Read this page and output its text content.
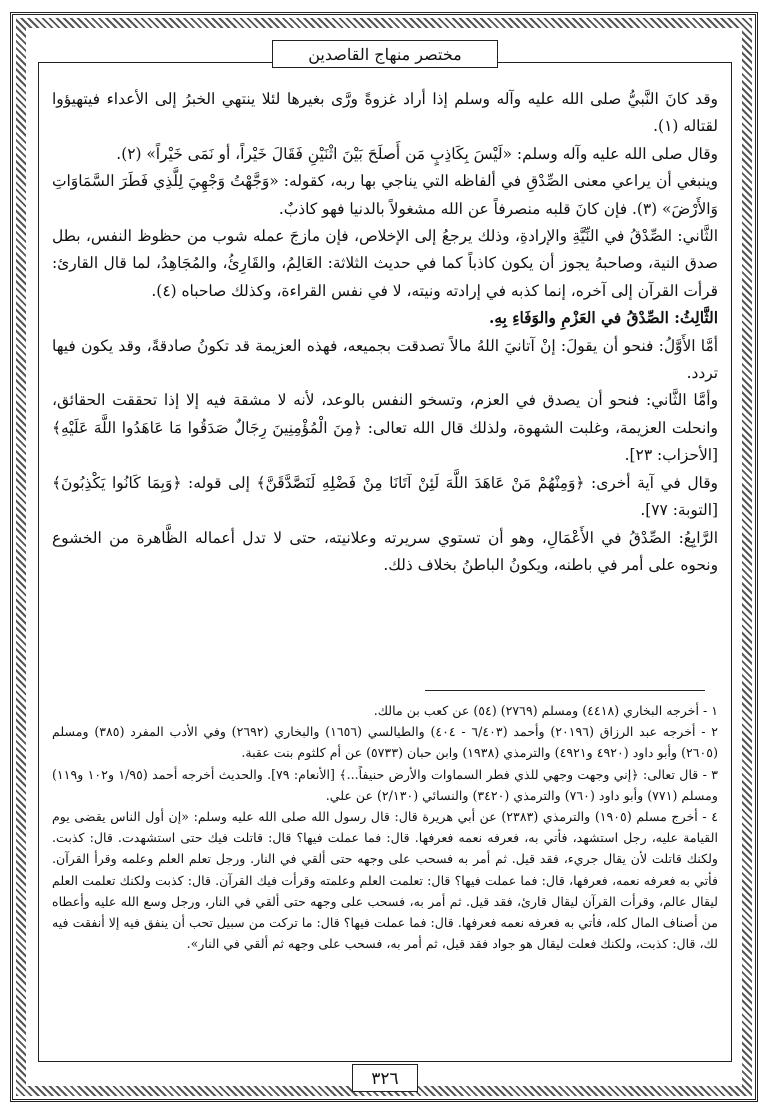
مختصر منهاج القاصدين

وقد كانَ النَّبيُّ صلى الله عليه وآله وسلم إذا أراد غزوةً ورَّى بغيرها لئلا ينتهي الخبرُ إلى الأعداء فيتهيؤوا لقتاله (١).

وقال صلى الله عليه وآله وسلم: «لَيْسَ بِكَاذِبٍ مَن أَصلَحَ بَيْنَ اثْنَيْنِ فَقَالَ خَيْراً، أو نَمَى خَيْراً» (٢).

وينبغي أن يراعي معنى الصِّدْقِ في ألفاظه التي يناجي بها ربه، كقوله: «وَجَّهْتُ وَجْهِيَ لِلَّذِي فَطَرَ السَّمَاوَاتِ وَالأَرْضَ» (٣). فإن كانَ قلبه منصرفاً عن الله مشغولاً بالدنيا فهو كاذبٌ.

الثَّاني: الصِّدْقُ في النِّيَّةِ والإرادةِ، وذلك يرجعُ إلى الإخلاص، فإن مازجَ عمله شوب من حظوظ النفس، بطل صدق النية، وصاحبهُ يجوز أن يكون كاذباً كما في حديث الثلاثة: العَالِمُ، والقَارِئُ، والمُجَاهِدُ، لما قال القارئ: قرأت القرآن إلى آخره، إنما كذبه في إرادته ونيته، لا في نفس القراءة، وكذلك صاحباه (٤).

الثَّالِثُ: الصِّدْقُ في العَزْمِ والوَفَاءِ بِهِ.

أمَّا الأَوَّلُ: فنحو أن يقولَ: إنْ آتانيَ اللهُ مالاً تصدقت بجميعه، فهذه العزيمة قد تكونُ صادقةً، وقد يكون فيها تردد.

وأمَّا الثَّاني: فنحو أن يصدق في العزم، وتسخو النفس بالوعد، لأنه لا مشقة فيه إلا إذا تحققت الحقائق، وانحلت العزيمة، وغلبت الشهوة، ولذلك قال الله تعالى: ﴿مِنَ الْمُؤْمِنِينَ رِجَالٌ صَدَقُوا مَا عَاهَدُوا اللَّهَ عَلَيْهِ﴾ [الأحزاب: ٢٣].

وقال في آية أخرى: ﴿وَمِنْهُمْ مَنْ عَاهَدَ اللَّهَ لَئِنْ آتَانَا مِنْ فَضْلِهِ لَنَصَّدَّقَنَّ﴾ إلى قوله: ﴿وَبِمَا كَانُوا يَكْذِبُونَ﴾ [التوبة: ٧٧].

الرَّابِعُ: الصِّدْقُ في الأَعْمَالِ، وهو أن تستوي سريرته وعلانيته، حتى لا تدل أعماله الظَّاهرة من الخشوع ونحوه على أمر في باطنه، ويكونُ الباطنُ بخلاف ذلك.

١ - أخرجه البخاري (٤٤١٨) ومسلم (٢٧٦٩) (٥٤) عن كعب بن مالك.

٢ - أخرجه عبد الرزاق (٢٠١٩٦) وأحمد (٦/٤٠٣ - ٤٠٤) والطيالسي (١٦٥٦) والبخاري (٢٦٩٢) وفي الأدب المفرد (٣٨٥) ومسلم (٢٦٠٥) وأبو داود (٤٩٢٠ و٤٩٢١) والترمذي (١٩٣٨) وابن حبان (٥٧٣٣) عن أم كلثوم بنت عقبة.

٣ - قال تعالى: ﴿إني وجهت وجهي للذي فطر السماوات والأرض حنيفاً...﴾ [الأنعام: ٧٩]. والحديث أخرجه أحمد (١/٩٥ و١٠٢ و١١٩) ومسلم (٧٧١) وأبو داود (٧٦٠) والترمذي (٣٤٢٠) والنسائي (٢/١٣٠) عن علي.

٤ - أخرج مسلم (١٩٠٥) والترمذي (٢٣٨٣) عن أبي هريرة قال: قال رسول الله صلى الله عليه وسلم: «إن أول الناس يقضى يوم القيامة عليه، رجل استشهد، فأتي به، فعرفه نعمه فعرفها. قال: فما عملت فيها؟ قال: قاتلت فيك حتى استشهدت. قال: كذبت. ولكنك قاتلت لأن يقال جريء، فقد قيل. ثم أمر به فسحب على وجهه حتى ألقي في النار. ورجل تعلم العلم وعلمه وقرأ القرآن. فأتي به فعرفه نعمه، فعرفها، قال: فما عملت فيها؟ قال: تعلمت العلم وعلمته وقرأت فيك القرآن. قال: كذبت ولكنك تعلمت العلم ليقال عالم، وقرأت القرآن ليقال قارئ، فقد قيل. ثم أمر به، فسحب على وجهه حتى ألقي في النار، ورجل وسع الله عليه وأعطاه من أصناف المال كله، فأتي به فعرفه نعمه فعرفها. قال: فما عملت فيها؟ قال: ما تركت من سبيل تحب أن ينفق فيه إلا أنفقت فيه لك، قال: كذبت، ولكنك فعلت ليقال هو جواد فقد قيل، ثم أمر به، فسحب على وجهه ثم ألقي في النار».

٣٢٦
